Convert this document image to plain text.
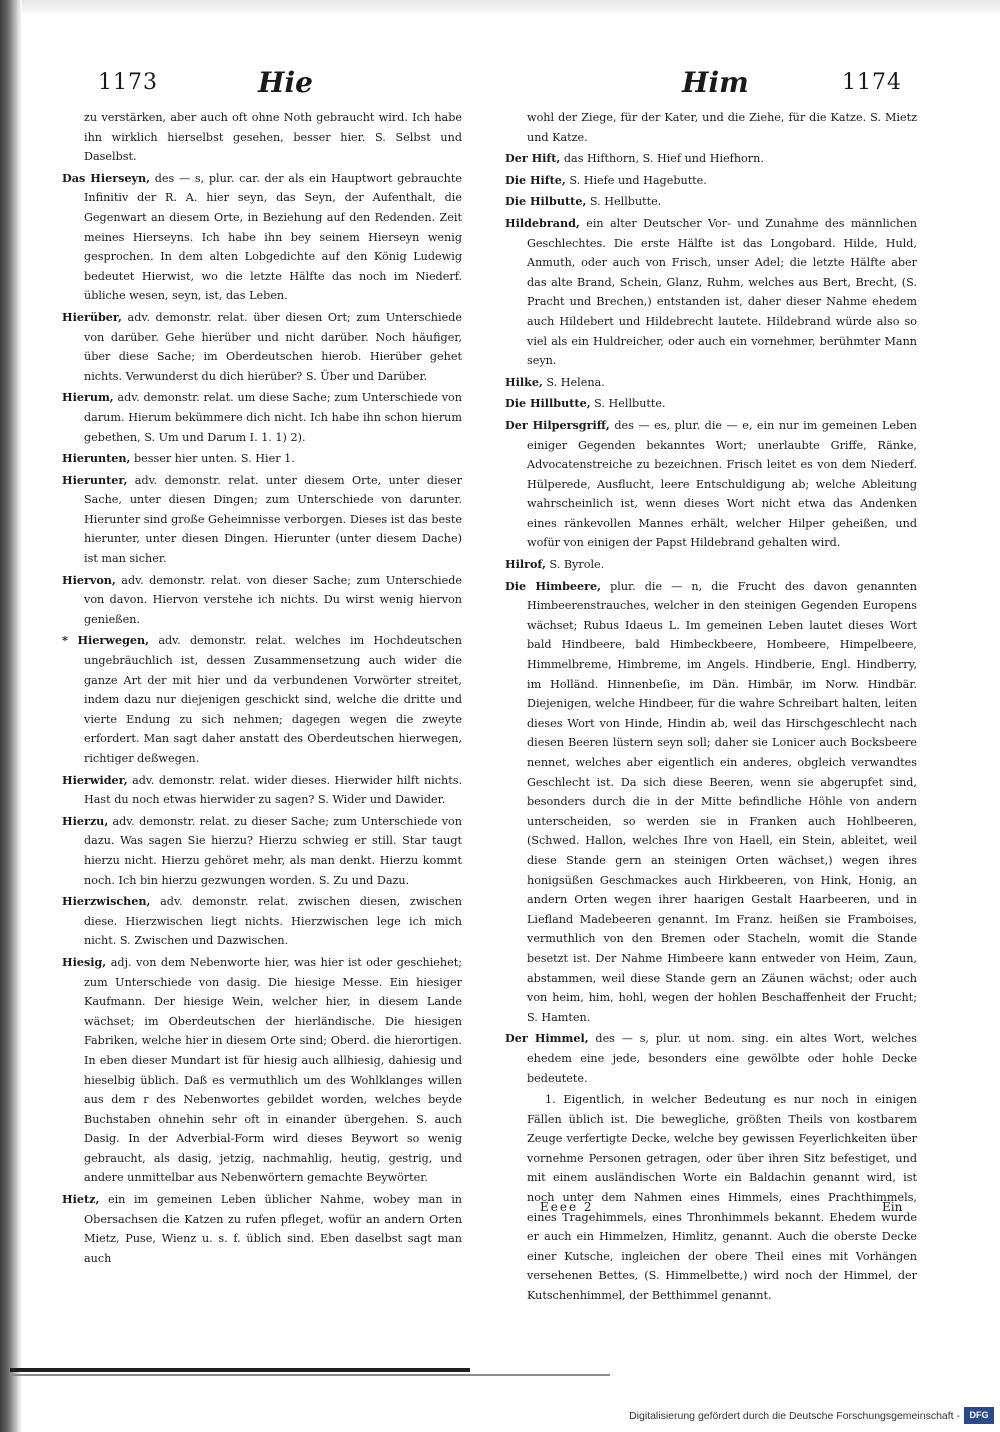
1173	Hie	Him	1174

zu verstärken, aber auch oft ohne Noth gebraucht wird. Ich habe ihn wirklich hierselbst gesehen, besser hier. S. Selbst und Daselbst.

Das Hierseyn, des — s, plur. car. der als ein Hauptwort gebrauchte Infinitiv der R. A. hier seyn, das Seyn, der Aufenthalt, die Gegenwart an diesem Orte, in Beziehung auf den Redenden. Zeit meines Hierseyns. Ich habe ihn bey seinem Hierseyn wenig gesprochen. In dem alten Lobgedichte auf den König Ludewig bedeutet Hierwist, wo die letzte Hälfte das noch im Niederf. übliche wesen, seyn, ist, das Leben.

Hierüber, adv. demonstr. relat. über diesen Ort; zum Unterschiede von darüber. Gehe hierüber und nicht darüber. Noch häufiger, über diese Sache; im Oberdeutschen hierob. Hierüber gehet nichts. Verwunderst du dich hierüber? S. Über und Darüber.

Hierum, adv. demonstr. relat. um diese Sache; zum Unterschiede von darum. Hierum bekümmere dich nicht. Ich habe ihn schon hierum gebethen, S. Um und Darum I. 1. 1) 2).

Hierunten, besser hier unten. S. Hier 1.

Hierunter, adv. demonstr. relat. unter diesem Orte, unter dieser Sache, unter diesen Dingen; zum Unterschiede von darunter. Hierunter sind große Geheimnisse verborgen. Dieses ist das beste hierunter, unter diesen Dingen. Hierunter (unter diesem Dache) ist man sicher.

Hiervon, adv. demonstr. relat. von dieser Sache; zum Unterschiede von davon. Hiervon verstehe ich nichts. Du wirst wenig hiervon genießen.

* Hierwegen, adv. demonstr. relat. welches im Hochdeutschen ungebräuchlich ist, dessen Zusammensetzung auch wider die ganze Art der mit hier und da verbundenen Vorwörter streitet, indem dazu nur diejenigen geschickt sind, welche die dritte und vierte Endung zu sich nehmen; dagegen wegen die zweyte erfordert. Man sagt daher anstatt des Oberdeutschen hierwegen, richtiger deßwegen.

Hierwider, adv. demonstr. relat. wider dieses. Hierwider hilft nichts. Hast du noch etwas hierwider zu sagen? S. Wider und Dawider.

Hierzu, adv. demonstr. relat. zu dieser Sache; zum Unterschiede von dazu. Was sagen Sie hierzu? Hierzu schwieg er still. Star taugt hierzu nicht. Hierzu gehöret mehr, als man denkt. Hierzu kommt noch. Ich bin hierzu gezwungen worden. S. Zu und Dazu.

Hierzwischen, adv. demonstr. relat. zwischen diesen, zwischen diese. Hierzwischen liegt nichts. Hierzwischen lege ich mich nicht. S. Zwischen und Dazwischen.

Hiesig, adj. von dem Nebenworte hier, was hier ist oder geschiehet; zum Unterschiede von dasig. Die hiesige Messe. Ein hiesiger Kaufmann. Der hiesige Wein, welcher hier, in diesem Lande wächset; im Oberdeutschen der hierländische. Die hiesigen Fabriken, welche hier in diesem Orte sind; Oberd. die hierortigen. In eben dieser Mundart ist für hiesig auch allhiesig, dahiesig und hieselbig üblich. Daß es vermuthlich um des Wohlklanges willen aus dem r des Nebenwortes gebildet worden, welches beyde Buchstaben ohnehin sehr oft in einander übergehen. S. auch Dasig. In der Adverbial-Form wird dieses Beywort so wenig gebraucht, als dasig, jetzig, nachmahlig, heutig, gestrig, und andere unmittelbar aus Nebenwörtern gemachte Beywörter.

Hietz, ein im gemeinen Leben üblicher Nahme, wobey man in Obersachsen die Katzen zu rufen pfleget, wofür an andern Orten Mietz, Puse, Wienz u. s. f. üblich sind. Eben daselbst sagt man auch

wohl der Ziege, für der Kater, und die Ziehe, für die Katze. S. Mietz und Katze.

Der Hift, das Hifthorn, S. Hief und Hiefhorn.

Die Hifte, S. Hiefe und Hagebutte.

Die Hilbutte, S. Hellbutte.

Hildebrand, ein alter Deutscher Vor- und Zunahme des männlichen Geschlechtes. Die erste Hälfte ist das Longobard. Hilde, Huld, Anmuth, oder auch von Frisch, unser Adel; die letzte Hälfte aber das alte Brand, Schein, Glanz, Ruhm, welches aus Bert, Brecht, (S. Pracht und Brechen,) entstanden ist, daher dieser Nahme ehedem auch Hildebert und Hildebrecht lautete. Hildebrand würde also so viel als ein Huldreicher, oder auch ein vornehmer, berühmter Mann seyn.

Hilke, S. Helena.

Die Hillbutte, S. Hellbutte.

Der Hilpersgriff, des — es, plur. die — e, ein nur im gemeinen Leben einiger Gegenden bekanntes Wort; unerlaubte Griffe, Ränke, Advocatenstreiche zu bezeichnen. Frisch leitet es von dem Niederf. Hülperede, Ausflucht, leere Entschuldigung ab; welche Ableitung wahrscheinlich ist, wenn dieses Wort nicht etwa das Andenken eines ränkevollen Mannes erhält, welcher Hilper geheißen, und wofür von einigen der Papst Hildebrand gehalten wird.

Hilrof, S. Byrole.

Die Himbeere, plur. die — n, die Frucht des davon genannten Himbeerenstrauches, welcher in den steinigen Gegenden Europens wächset; Rubus Idaeus L. Im gemeinen Leben lautet dieses Wort bald Hindbeere, bald Himbeckbeere, Hombeere, Himpelbeere, Himmelbreme, Himbreme, im Angels. Hindberie, Engl. Hindberry, im Holländ. Hinnenbeſie, im Dän. Himbär, im Norw. Hindbär. Diejenigen, welche Hindbeer, für die wahre Schreibart halten, leiten dieses Wort von Hinde, Hindin ab, weil das Hirschgeschlecht nach diesen Beeren lüstern seyn soll; daher sie Lonicer auch Bocksbeere nennet, welches aber eigentlich ein anderes, obgleich verwandtes Geschlecht ist. Da sich diese Beeren, wenn sie abgerupfet sind, besonders durch die in der Mitte befindliche Höhle von andern unterscheiden, so werden sie in Franken auch Hohlbeeren, (Schwed. Hallon, welches Ihre von Haell, ein Stein, ableitet, weil diese Stande gern an steinigen Orten wächset,) wegen ihres honigsüßen Geschmackes auch Hirkbeeren, von Hink, Honig, an andern Orten wegen ihrer haarigen Gestalt Haarbeeren, und in Liefland Madebeeren genannt. Im Franz. heißen sie Framboises, vermuthlich von den Bremen oder Stacheln, womit die Stande besetzt ist. Der Nahme Himbeere kann entweder von Heim, Zaun, abstammen, weil diese Stande gern an Zäunen wächst; oder auch von heim, him, hohl, wegen der hohlen Beschaffenheit der Frucht; S. Hamten.

Der Himmel, des — s, plur. ut nom. sing. ein altes Wort, welches ehedem eine jede, besonders eine gewölbte oder hohle Decke bedeutete.

1. Eigentlich, in welcher Bedeutung es nur noch in einigen Fällen üblich ist. Die bewegliche, größten Theils von kostbarem Zeuge verfertigte Decke, welche bey gewissen Feyerlichkeiten über vornehme Personen getragen, oder über ihren Sitz befestiget, und mit einem ausländischen Worte ein Baldachin genannt wird, ist noch unter dem Nahmen eines Himmels, eines Prachthimmels, eines Tragehimmels, eines Thronhimmels bekannt. Ehedem wurde er auch ein Himmelzen, Himlitz, genannt. Auch die oberste Decke einer Kutsche, ingleichen der obere Theil eines mit Vorhängen versehenen Bettes, (S. Himmelbette,) wird noch der Himmel, der Kutschenhimmel, der Betthimmel genannt.

Eeee 2	Ein
Digitalisierung gefördert durch die Deutsche Forschungsgemeinschaft -	DFG
